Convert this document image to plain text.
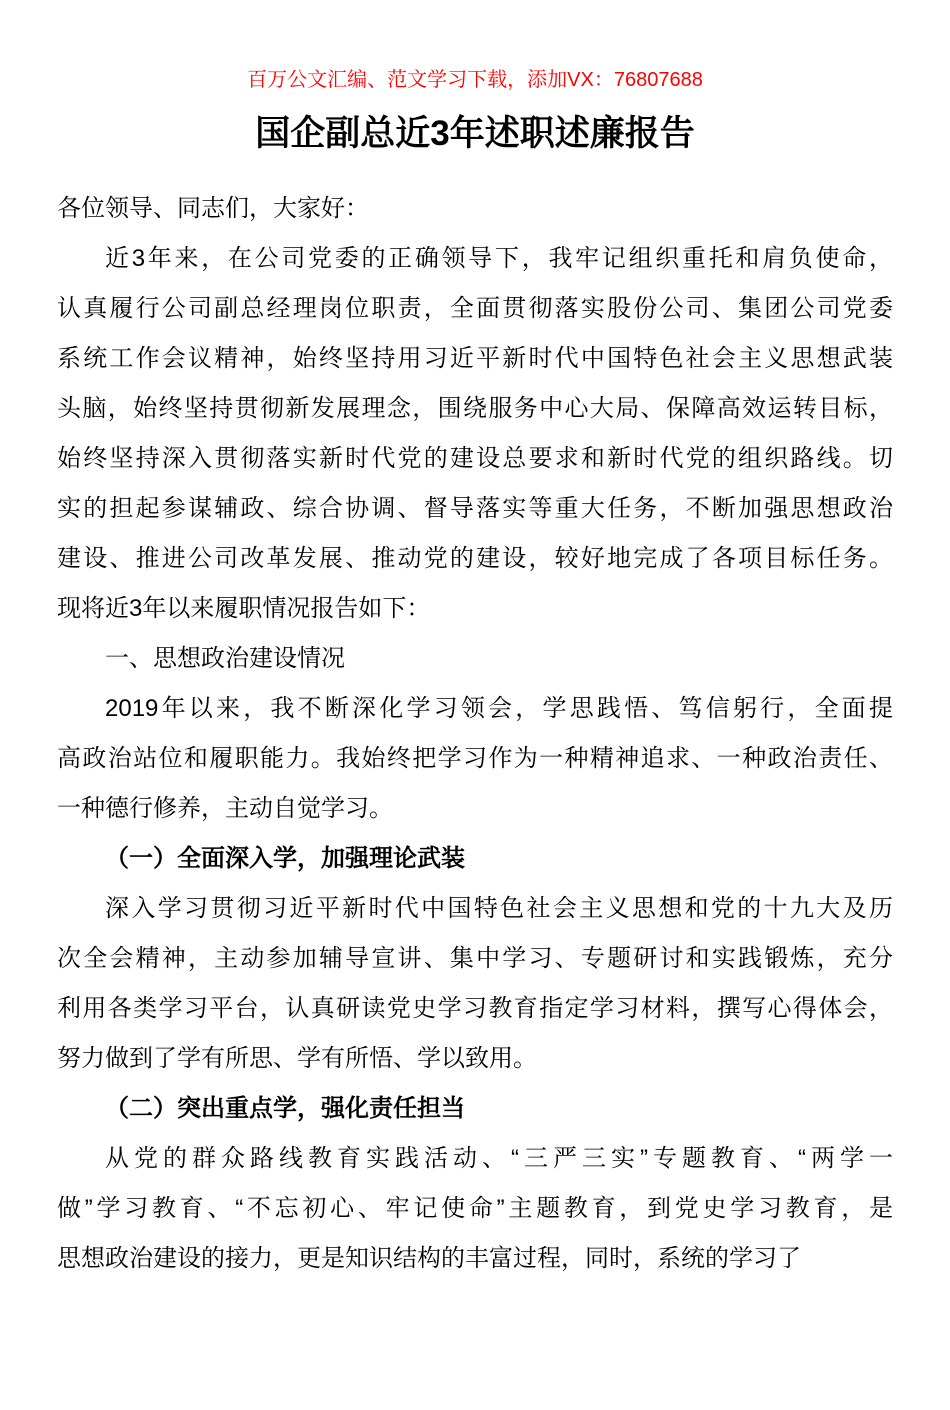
百万公文汇编、范文学习下载，添加VX：76807688
国企副总近3年述职述廉报告
各位领导、同志们，大家好：
近3年来，在公司党委的正确领导下，我牢记组织重托和肩负使命，
认真履行公司副总经理岗位职责，全面贯彻落实股份公司、集团公司党委
系统工作会议精神，始终坚持用习近平新时代中国特色社会主义思想武装
头脑，始终坚持贯彻新发展理念，围绕服务中心大局、保障高效运转目标，
始终坚持深入贯彻落实新时代党的建设总要求和新时代党的组织路线。切
实的担起参谋辅政、综合协调、督导落实等重大任务，不断加强思想政治
建设、推进公司改革发展、推动党的建设，较好地完成了各项目标任务。
现将近3年以来履职情况报告如下：
一、思想政治建设情况
2019年以来，我不断深化学习领会，学思践悟、笃信躬行，全面提
高政治站位和履职能力。我始终把学习作为一种精神追求、一种政治责任、
一种德行修养，主动自觉学习。
（一）全面深入学，加强理论武装
深入学习贯彻习近平新时代中国特色社会主义思想和党的十九大及历
次全会精神，主动参加辅导宣讲、集中学习、专题研讨和实践锻炼，充分
利用各类学习平台，认真研读党史学习教育指定学习材料，撰写心得体会，
努力做到了学有所思、学有所悟、学以致用。
（二）突出重点学，强化责任担当
从党的群众路线教育实践活动、“三严三实”专题教育、“两学一
做”学习教育、“不忘初心、牢记使命”主题教育，到党史学习教育，是
思想政治建设的接力，更是知识结构的丰富过程，同时，系统的学习了
